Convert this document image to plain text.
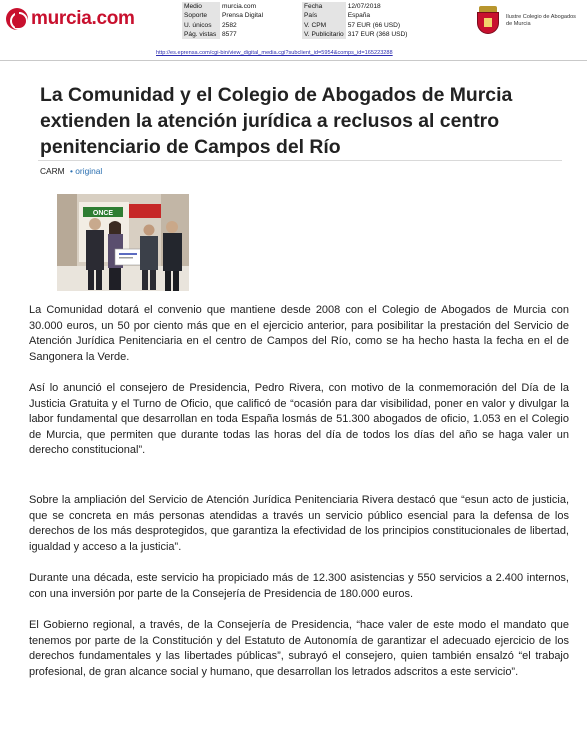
murcia.com
Medio	murcia.com
Soporte	Prensa Digital
U. únicos	2582
Pág. vistas	8577
Fecha	12/07/2018
País	España
V. CPM	57 EUR (66 USD)
V. Publicitario	317 EUR (368 USD)
Ilustre Colegio de Abogados de Murcia
http://es.eprensa.com/cgi-bin/view_digital_media.cgi?subclient_id=5954&comps_id=165223288
La Comunidad y el Colegio de Abogados de Murcia extienden la atención jurídica a reclusos al centro penitenciario de Campos del Río
CARM • original
ONCE

La Comunidad dotará el convenio que mantiene desde 2008 con el Colegio de Abogados de Murcia con 30.000 euros, un 50 por ciento más que en el ejercicio anterior, para posibilitar la prestación del Servicio de Atención Jurídica Penitenciaria en el centro de Campos del Río, como se ha hecho hasta la fecha en el de Sangonera la Verde.

Así lo anunció el consejero de Presidencia, Pedro Rivera, con motivo de la conmemoración del Día de la Justicia Gratuita y el Turno de Oficio, que calificó de “ocasión para dar visibilidad, poner en valor y divulgar la labor fundamental que desarrollan en toda España losmás de 51.300 abogados de oficio, 1.053 en el Colegio de Murcia, que permiten que durante todas las horas del día de todos los días del año se haga valer un derecho constitucional”.

Sobre la ampliación del Servicio de Atención Jurídica Penitenciaria Rivera destacó que “esun acto de justicia, que se concreta en más personas atendidas a través un servicio público esencial para la defensa de los derechos de los más desprotegidos, que garantiza la efectividad de los principios constitucionales de libertad, igualdad y acceso a la justicia”.

Durante una década, este servicio ha propiciado más de 12.300 asistencias y 550 servicios a 2.400 internos, con una inversión por parte de la Consejería de Presidencia de 180.000 euros.

El Gobierno regional, a través, de la Consejería de Presidencia, “hace valer de este modo el mandato que tenemos por parte de la Constitución y del Estatuto de Autonomía de garantizar el adecuado ejercicio de los derechos fundamentales y las libertades públicas”, subrayó el consejero, quien también ensalzó “el trabajo profesional, de gran alcance social y humano, que desarrollan los letrados adscritos a este servicio”.
